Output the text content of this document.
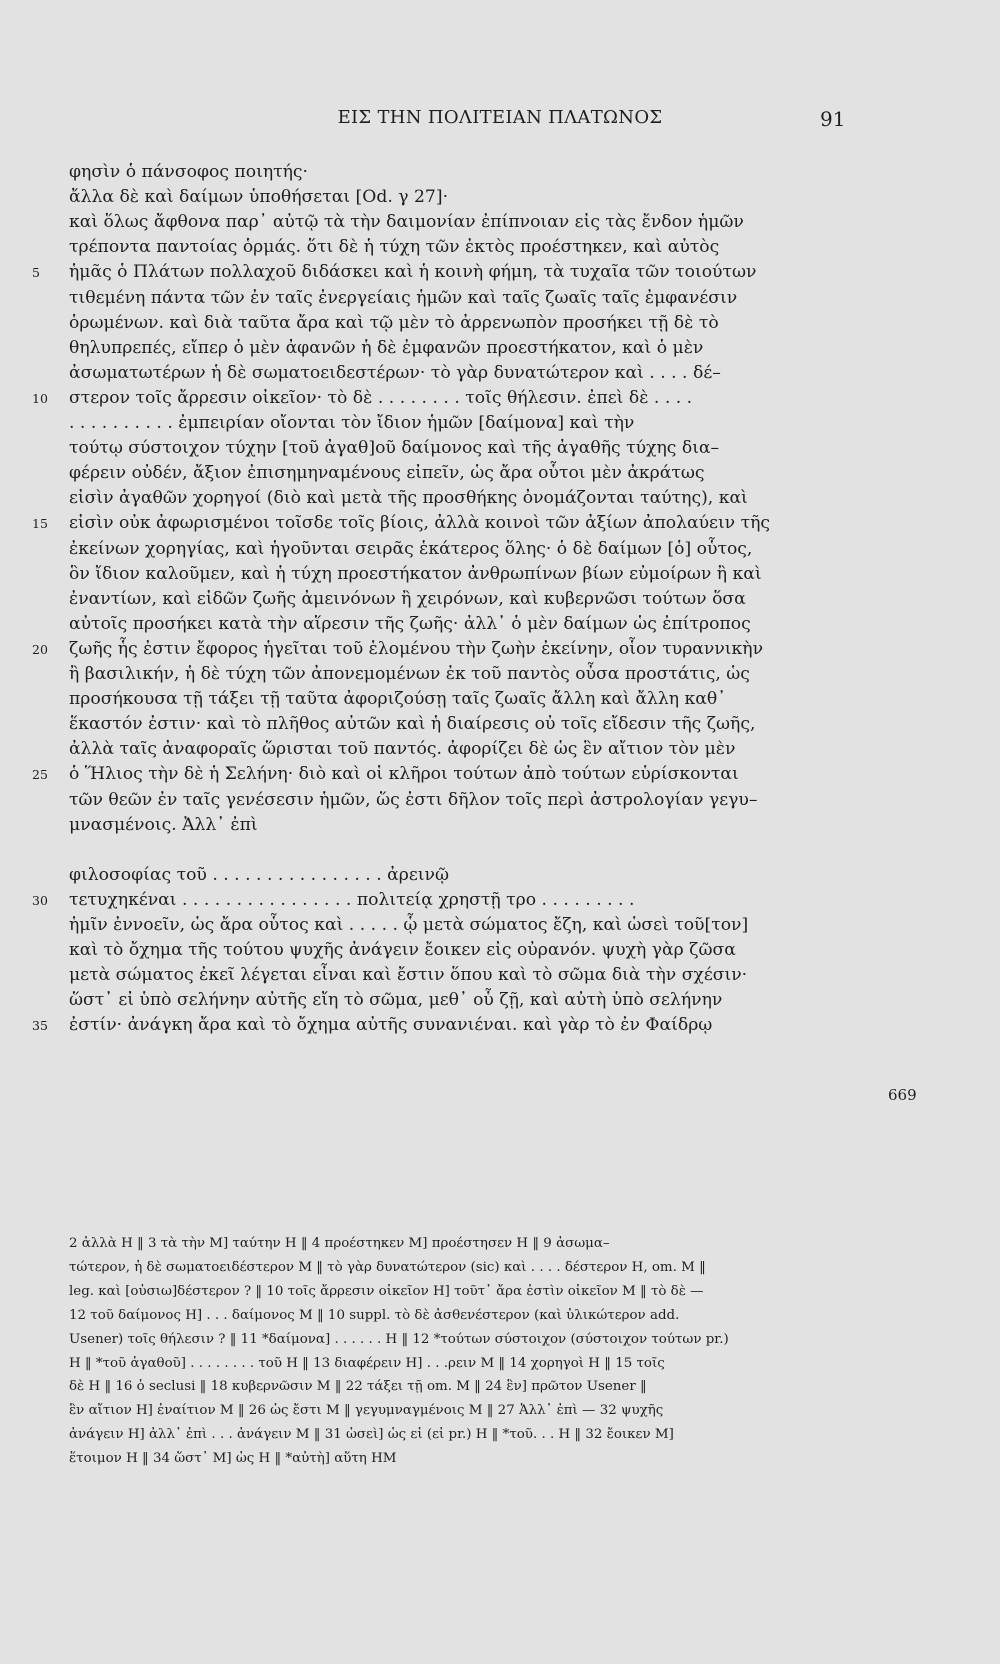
ΕΙΣ ΤΗΝ ΠΟΛΙΤΕΙΑΝ ΠΛΑΤΩΝΟΣ	91
φησὶν ὁ πάνσοφος ποιητής·
ἄλλα δὲ καὶ δαίμων ὑποθήσεται [Od. γ 27]·
καὶ ὅλως ἄφθονα παρ᾿ αὐτῷ τὰ τὴν δαιμονίαν ἐπίπνοιαν εἰς τὰς ἔνδον ἡμῶν
τρέποντα παντοίας ὁρμάς. ὅτι δὲ ἡ τύχη τῶν ἐκτὸς προέστηκεν, καὶ αὐτὸς
5	ἡμᾶς ὁ Πλάτων πολλαχοῦ διδάσκει καὶ ἡ κοινὴ φήμη, τὰ τυχαῖα τῶν τοιούτων
τιθεμένη πάντα τῶν ἐν ταῖς ἐνεργείαις ἡμῶν καὶ ταῖς ζωαῖς ταῖς ἐμφανέσιν
ὁρωμένων. καὶ διὰ ταῦτα ἄρα καὶ τῷ μὲν τὸ ἀρρενωπὸν προσήκει τῇ δὲ τὸ
θηλυπρεπές, εἴπερ ὁ μὲν ἀφανῶν ἡ δὲ ἐμφανῶν προεστήκατον, καὶ ὁ μὲν
ἀσωματωτέρων ἡ δὲ σωματοειδεστέρων· τὸ γὰρ δυνατώτερον καὶ . . . . δέ–
10	στερον τοῖς ἄρρεσιν οἰκεῖον· τὸ δὲ . . . . . . . . τοῖς θήλεσιν. ἐπεὶ δὲ . . . .
. . . . . . . . . . ἐμπειρίαν οἴονται τὸν ἴδιον ἡμῶν [δαίμονα] καὶ τὴν
τούτῳ σύστοιχον τύχην [τοῦ ἀγαθ]οῦ δαίμονος καὶ τῆς ἀγαθῆς τύχης δια–
φέρειν οὐδέν, ἄξιον ἐπισημηναμένους εἰπεῖν, ὡς ἄρα οὗτοι μὲν ἀκράτως
εἰσὶν ἀγαθῶν χορηγοί (διὸ καὶ μετὰ τῆς προσθήκης ὀνομάζονται ταύτης), καὶ
15	εἰσὶν οὐκ ἀφωρισμένοι τοῖσδε τοῖς βίοις, ἀλλὰ κοινοὶ τῶν ἀξίων ἀπολαύειν τῆς
ἐκείνων χορηγίας, καὶ ἡγοῦνται σειρᾶς ἑκάτερος ὅλης· ὁ δὲ δαίμων [ὁ] οὗτος,
ὃν ἴδιον καλοῦμεν, καὶ ἡ τύχη προεστήκατον ἀνθρωπίνων βίων εὐμοίρων ἢ καὶ
ἐναντίων, καὶ εἰδῶν ζωῆς ἀμεινόνων ἢ χειρόνων, καὶ κυβερνῶσι τούτων ὅσα
αὐτοῖς προσήκει κατὰ τὴν αἵρεσιν τῆς ζωῆς· ἀλλ᾿ ὁ μὲν δαίμων ὡς ἐπίτροπος
20	ζωῆς ἧς ἐστιν ἔφορος ἡγεῖται τοῦ ἑλομένου τὴν ζωὴν ἐκείνην, οἷον τυραννικὴν
ἢ βασιλικήν, ἡ δὲ τύχη τῶν ἀπονεμομένων ἐκ τοῦ παντὸς οὖσα προστάτις, ὡς
προσήκουσα τῇ τάξει τῇ ταῦτα ἀφοριζούσῃ ταῖς ζωαῖς ἄλλη καὶ ἄλλη καθ᾿
ἕκαστόν ἐστιν· καὶ τὸ πλῆθος αὐτῶν καὶ ἡ διαίρεσις οὐ τοῖς εἴδεσιν τῆς ζωῆς,
ἀλλὰ ταῖς ἀναφοραῖς ὥρισται τοῦ παντός. ἀφορίζει δὲ ὡς ἓν αἴτιον τὸν μὲν
25	ὁ Ἥλιος τὴν δὲ ἡ Σελήνη· διὸ καὶ οἱ κλῆροι τούτων ἀπὸ τούτων εὑρίσκονται
τῶν θεῶν ἐν ταῖς γενέσεσιν ἡμῶν, ὥς ἐστι δῆλον τοῖς περὶ ἀστρολογίαν γεγυ–
μνασμένοις. Ἀλλ᾿ ἐπὶ
φιλοσοφίας τοῦ . . . . . . . . . . . . . . . . ἀρεινῷ
30	τετυχηκέναι . . . . . . . . . . . . . . . . πολιτείᾳ χρηστῇ τρο . . . . . . . . .
ἡμῖν ἐννοεῖν, ὡς ἄρα οὗτος καὶ . . . . . ᾧ μετὰ σώματος ἔζη, καὶ ὡσεὶ τοῦ[τον]
καὶ τὸ ὄχημα τῆς τούτου ψυχῆς ἀνάγειν ἔοικεν εἰς οὐρανόν. ψυχὴ γὰρ ζῶσα
μετὰ σώματος ἐκεῖ λέγεται εἶναι καὶ ἔστιν ὅπου καὶ τὸ σῶμα διὰ τὴν σχέσιν·
ὥστ᾿ εἰ ὑπὸ σελήνην αὐτῆς εἴη τὸ σῶμα, μεθ᾿ οὗ ζῇ, καὶ αὐτὴ ὑπὸ σελήνην
35	ἐστίν· ἀνάγκη ἄρα καὶ τὸ ὄχημα αὐτῆς συνανιέναι. καὶ γὰρ τὸ ἐν Φαίδρῳ
669
2 ἀλλὰ H ‖ 3 τὰ τὴν M] ταύτην H ‖ 4 προέστηκεν M] προέστησεν H ‖ 9 ἀσωμα–
τώτερον, ἡ δὲ σωματοειδέστερον M ‖ τὸ γὰρ δυνατώτερον (sic) καὶ . . . . δέστερον H, om. M ‖
leg. καὶ [οὐσιω]δέστερον ? ‖ 10 τοῖς ἄρρεσιν οἰκεῖον H] τοῦτ᾿ ἄρα ἐστὶν οἰκεῖον M ‖ τὸ δὲ —
12 τοῦ δαίμονος H] . . . δαίμονος M ‖ 10 suppl. τὸ δὲ ἀσθενέστερον (καὶ ὑλικώτερον add.
Usener) τοῖς θήλεσιν ? ‖ 11 *δαίμονα] . . . . . . H ‖ 12 *τούτων σύστοιχον (σύστοιχον τούτων pr.)
H ‖ *τοῦ ἀγαθοῦ] . . . . . . . . τοῦ H ‖ 13 διαφέρειν H] . . .ρειν M ‖ 14 χορηγοὶ H ‖ 15 τοῖς
δὲ H ‖ 16 ὁ seclusi ‖ 18 κυβερνῶσιν M ‖ 22 τάξει τῇ om. M ‖ 24 ἓν] πρῶτον Usener ‖
ἓν αἴτιον H] ἐναίτιον M ‖ 26 ὡς ἔστι M ‖ γεγυμναγμένοις M ‖ 27 Ἀλλ᾿ ἐπὶ — 32 ψυχῆς
ἀνάγειν H] ἀλλ᾿ ἐπὶ . . . ἀνάγειν M ‖ 31 ὡσεὶ] ὡς εἰ (εἰ pr.) H ‖ *τοῦ. . . H ‖ 32 ἔοικεν M]
ἕτοιμον H ‖ 34 ὥστ᾿ M] ὡς H ‖ *αὐτὴ] αὕτη HM
